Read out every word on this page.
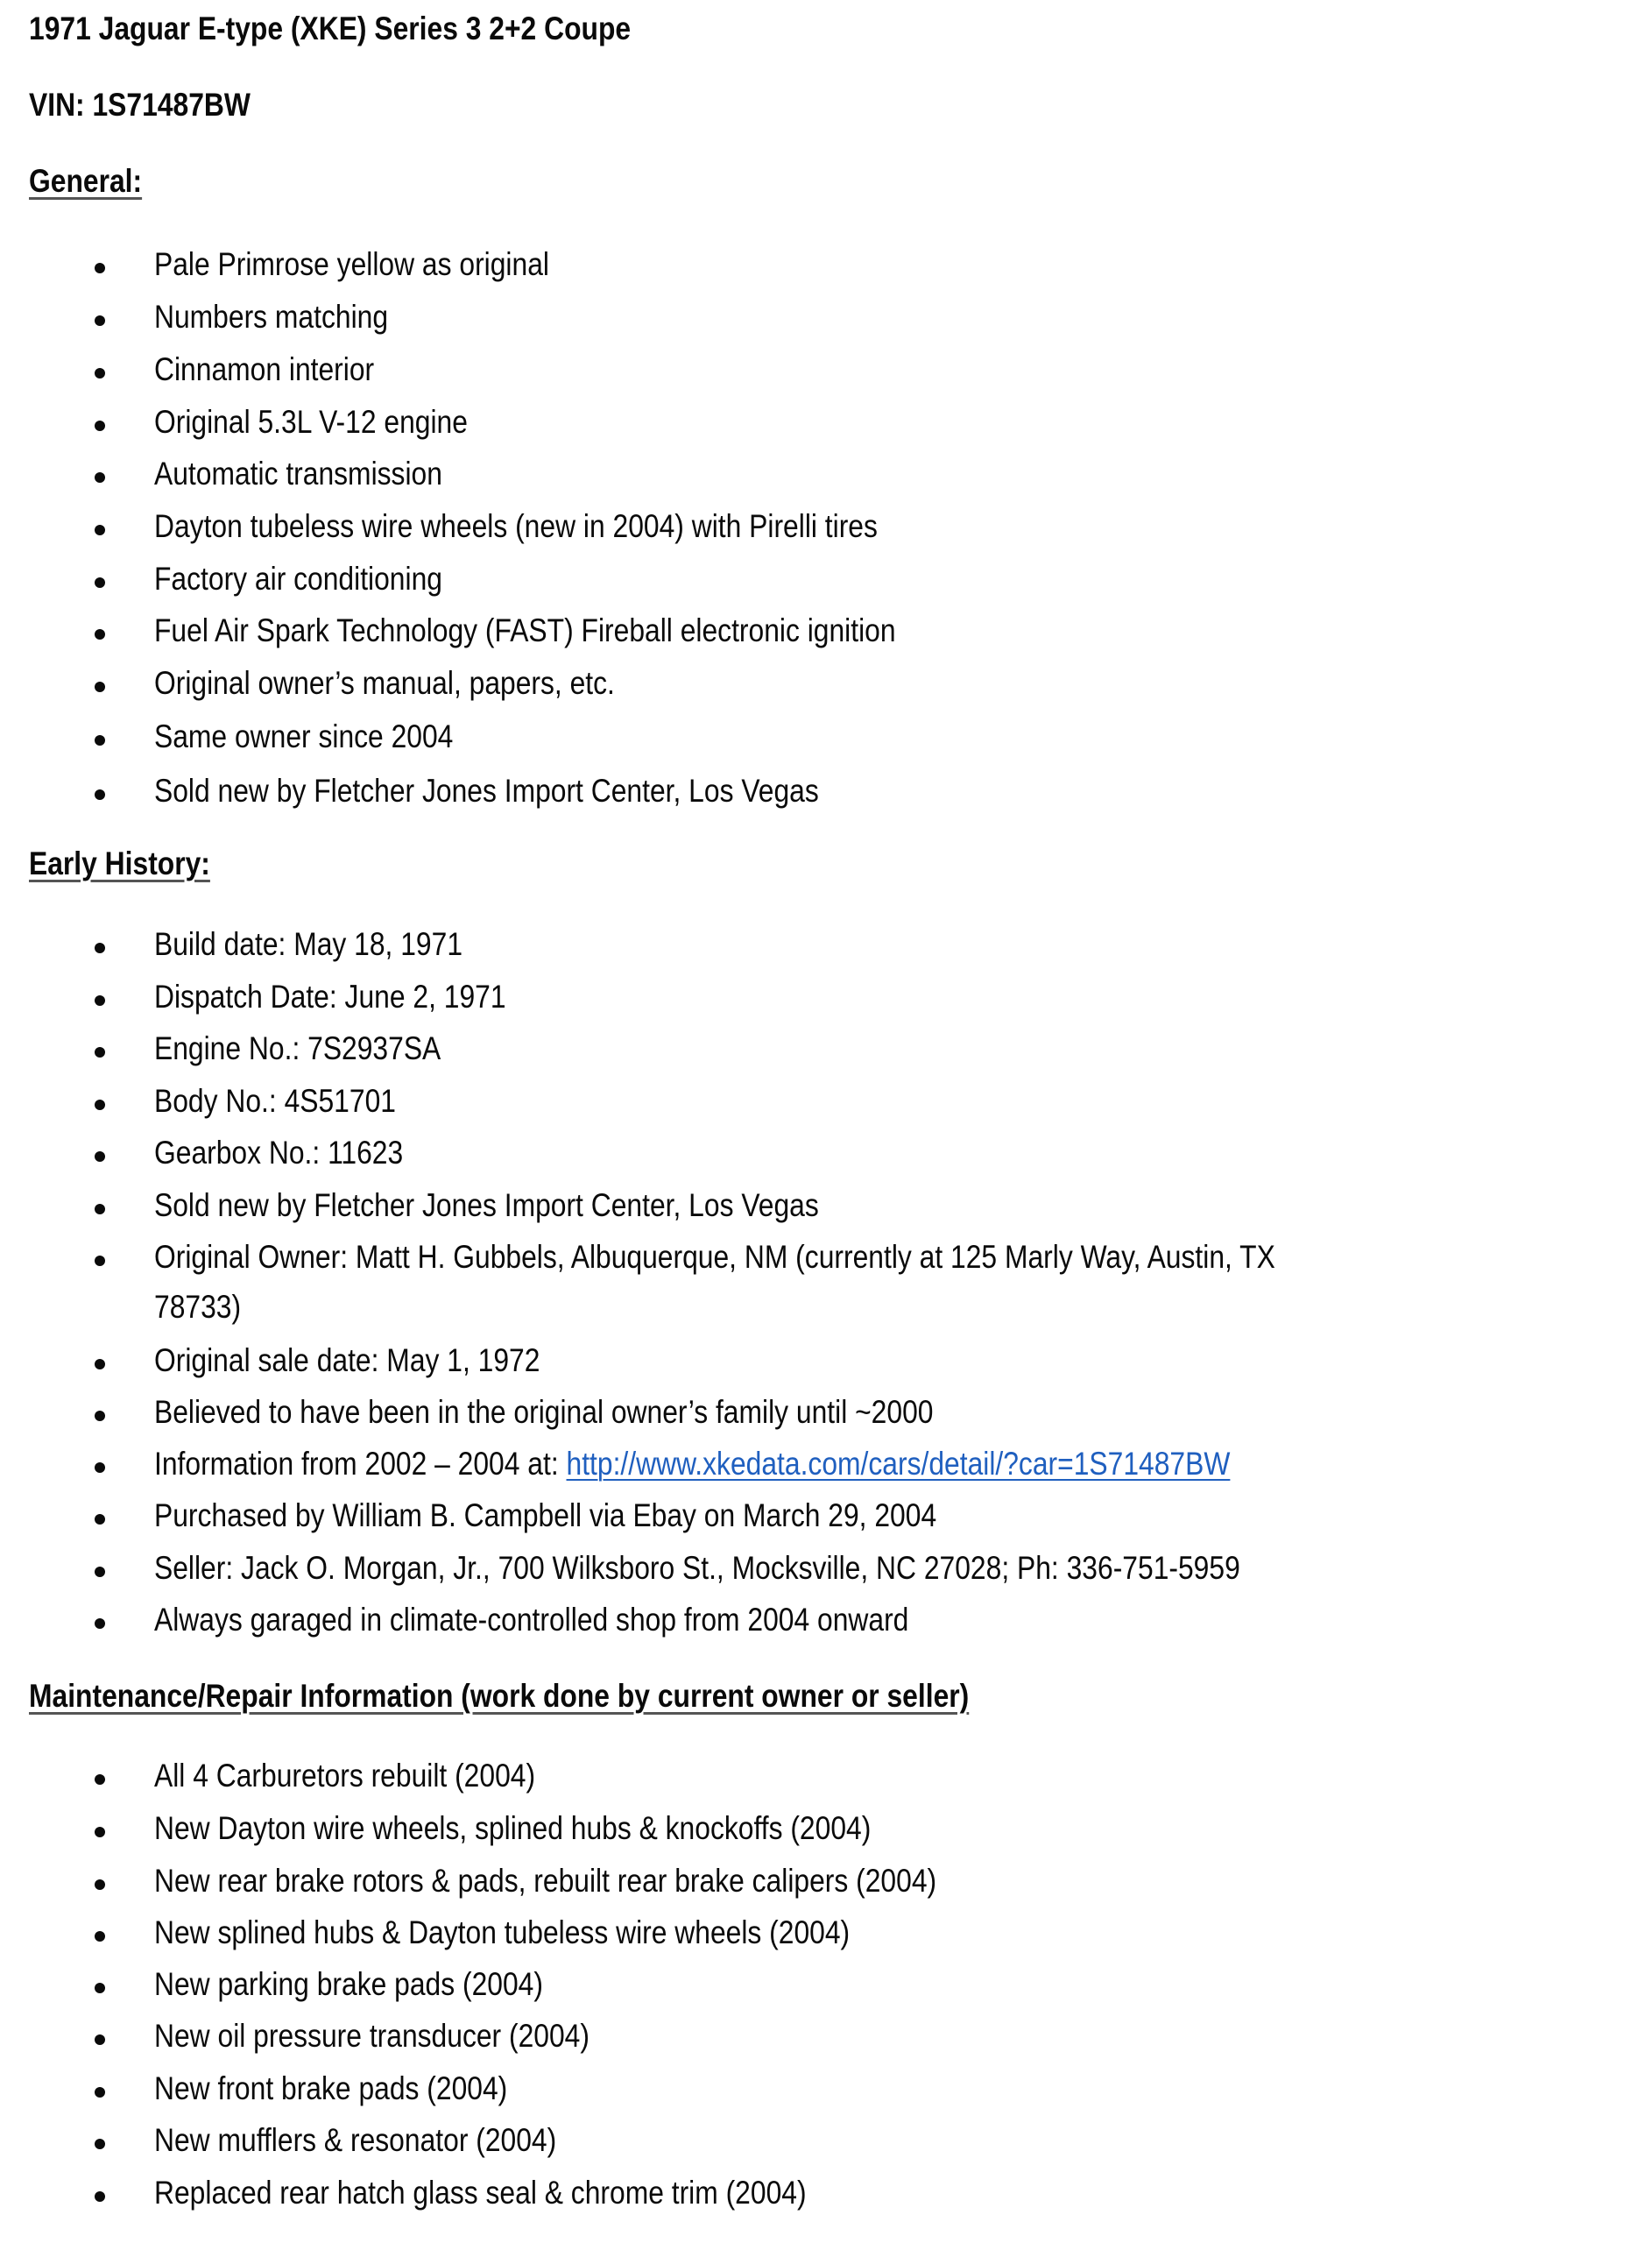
1971 Jaguar E-type (XKE) Series 3 2+2 Coupe
VIN: 1S71487BW
General:
Pale Primrose yellow as original
Numbers matching
Cinnamon interior
Original 5.3L V-12 engine
Automatic transmission
Dayton tubeless wire wheels (new in 2004) with Pirelli tires
Factory air conditioning
Fuel Air Spark Technology (FAST) Fireball electronic ignition
Original owner’s manual, papers, etc.
Same owner since 2004
Sold new by Fletcher Jones Import Center, Los Vegas
Early History:
Build date: May 18, 1971
Dispatch Date: June 2, 1971
Engine No.: 7S2937SA
Body No.: 4S51701
Gearbox No.: 11623
Sold new by Fletcher Jones Import Center, Los Vegas
Original Owner: Matt H. Gubbels, Albuquerque, NM (currently at 125 Marly Way, Austin, TX
78733)
Original sale date: May 1, 1972
Believed to have been in the original owner’s family until ~2000
Information from 2002 – 2004 at: http://www.xkedata.com/cars/detail/?car=1S71487BW
Purchased by William B. Campbell via Ebay on March 29, 2004
Seller: Jack O. Morgan, Jr., 700 Wilksboro St., Mocksville, NC 27028; Ph: 336-751-5959
Always garaged in climate-controlled shop from 2004 onward
Maintenance/Repair Information (work done by current owner or seller)
All 4 Carburetors rebuilt (2004)
New Dayton wire wheels, splined hubs & knockoffs (2004)
New rear brake rotors & pads, rebuilt rear brake calipers (2004)
New splined hubs & Dayton tubeless wire wheels (2004)
New parking brake pads (2004)
New oil pressure transducer (2004)
New front brake pads (2004)
New mufflers & resonator (2004)
Replaced rear hatch glass seal & chrome trim (2004)
